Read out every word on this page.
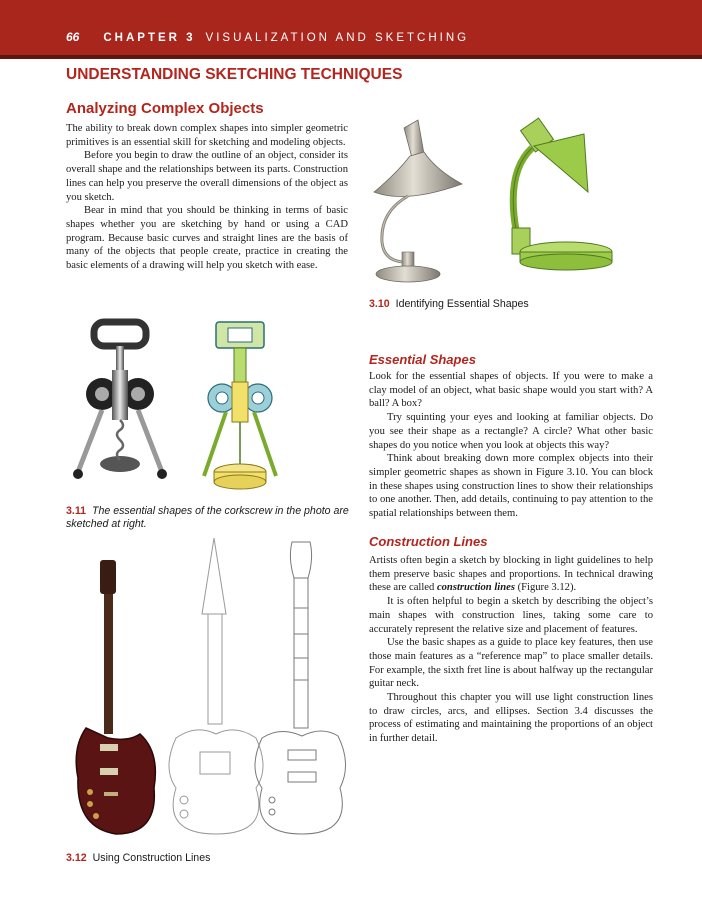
66 CHAPTER 3 VISUALIZATION AND SKETCHING
UNDERSTANDING SKETCHING TECHNIQUES
Analyzing Complex Objects

The ability to break down complex shapes into simpler geometric primitives is an essential skill for sketching and modeling objects.

Before you begin to draw the outline of an object, consider its overall shape and the relationships between its parts. Construction lines can help you preserve the overall dimensions of the object as you sketch.

Bear in mind that you should be thinking in terms of basic shapes whether you are sketching by hand or using a CAD program. Because basic curves and straight lines are the basis of many of the objects that people create, practice in creating the basic elements of a drawing will help you sketch with ease.

3.10 Identifying Essential Shapes
3.11 The essential shapes of the corkscrew in the photo are sketched at right.
3.12 Using Construction Lines
Essential Shapes

Look for the essential shapes of objects. If you were to make a clay model of an object, what basic shape would you start with? A ball? A box?

Try squinting your eyes and looking at familiar objects. Do you see their shape as a rectangle? A circle? What other basic shapes do you notice when you look at objects this way?

Think about breaking down more complex objects into their simpler geometric shapes as shown in Figure 3.10. You can block in these shapes using construction lines to show their relationships to one another. Then, add details, continuing to pay attention to the spatial relationships between them.

Construction Lines

Artists often begin a sketch by blocking in light guidelines to help them preserve basic shapes and proportions. In technical drawing these are called construction lines (Figure 3.12).

It is often helpful to begin a sketch by describing the object’s main shapes with construction lines, taking some care to accurately represent the relative size and placement of features.

Use the basic shapes as a guide to place key features, then use those main features as a “reference map” to place smaller details. For example, the sixth fret line is about halfway up the rectangular guitar neck.

Throughout this chapter you will use light construction lines to draw circles, arcs, and ellipses. Section 3.4 discusses the process of estimating and maintaining the proportions of an object in further detail.
